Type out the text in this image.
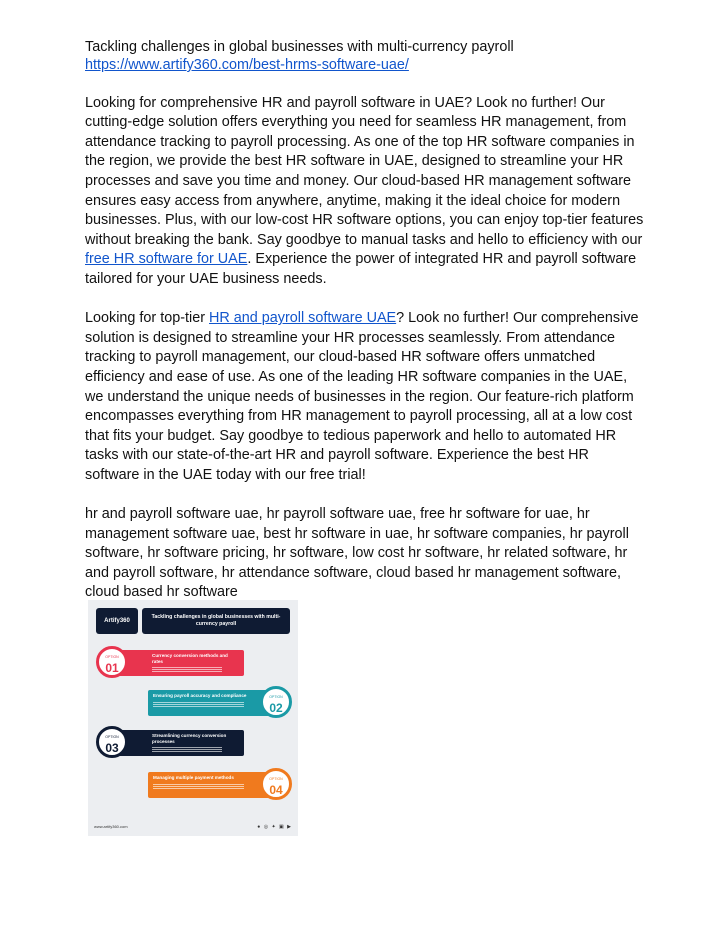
Tackling challenges in global businesses with multi-currency payroll

https://www.artify360.com/best-hrms-software-uae/

Looking for comprehensive HR and payroll software in UAE? Look no further! Our cutting-edge solution offers everything you need for seamless HR management, from attendance tracking to payroll processing. As one of the top HR software companies in the region, we provide the best HR software in UAE, designed to streamline your HR processes and save you time and money. Our cloud-based HR management software ensures easy access from anywhere, anytime, making it the ideal choice for modern businesses. Plus, with our low-cost HR software options, you can enjoy top-tier features without breaking the bank. Say goodbye to manual tasks and hello to efficiency with our free HR software for UAE. Experience the power of integrated HR and payroll software tailored for your UAE business needs.

Looking for top-tier HR and payroll software UAE? Look no further! Our comprehensive solution is designed to streamline your HR processes seamlessly. From attendance tracking to payroll management, our cloud-based HR software offers unmatched efficiency and ease of use. As one of the leading HR software companies in the UAE, we understand the unique needs of businesses in the region. Our feature-rich platform encompasses everything from HR management to payroll processing, all at a low cost that fits your budget. Say goodbye to tedious paperwork and hello to automated HR tasks with our state-of-the-art HR and payroll software. Experience the best HR software in the UAE today with our free trial!

hr and payroll software uae, hr payroll software uae, free hr software for uae, hr management software uae, best hr software in uae, hr software companies, hr payroll software, hr software pricing, hr software, low cost hr software, hr related software, hr and payroll software, hr attendance software, cloud based hr management software, cloud based hr software

Artify360
Tackling challenges in global businesses with multi-currency payroll
Currency conversion methods and rates
OPTION
01
Ensuring payroll accuracy and compliance	OPTION
02
Streamlining currency conversion processes
OPTION
03
Managing multiple payment methods	OPTION
04
www.artify360.com	● ◎ ✦ ▣ ▶
